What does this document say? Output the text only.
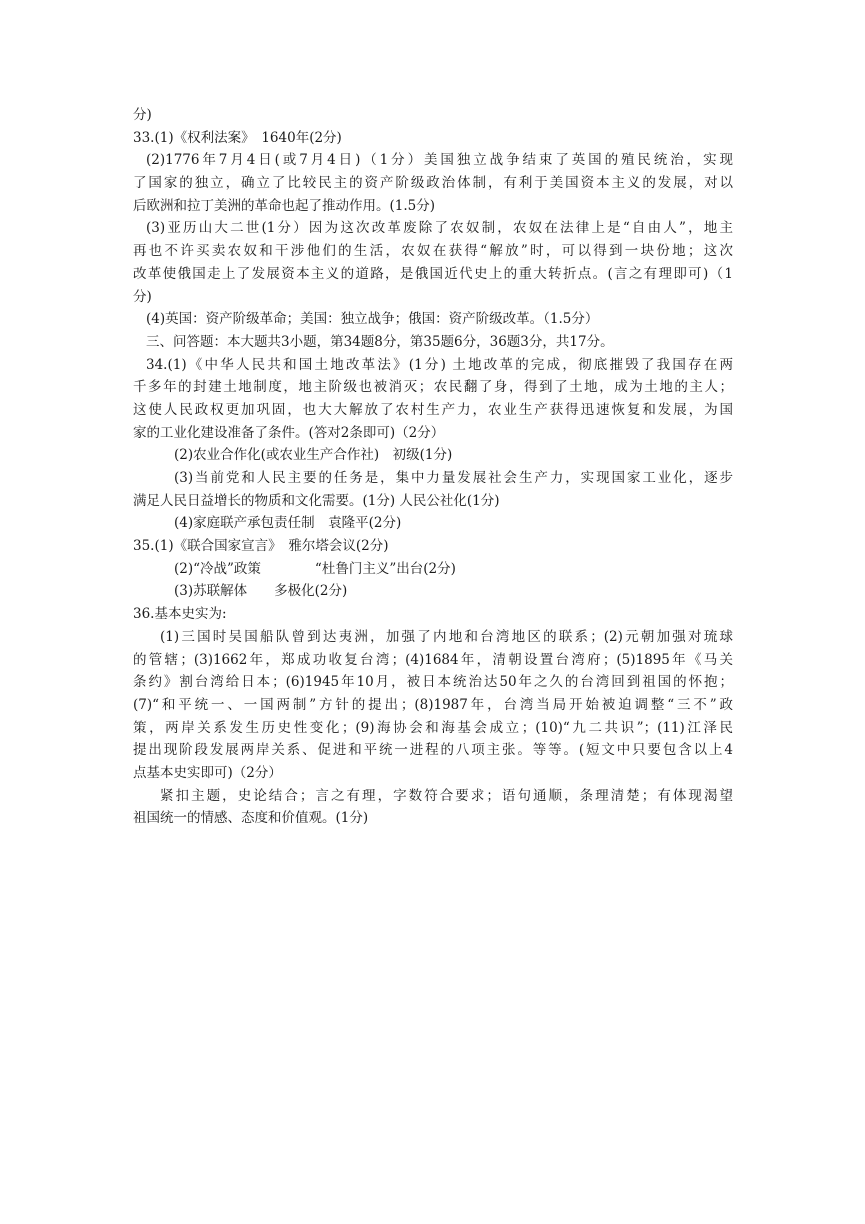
分)
33.(1)《权利法案》　1640年(2分)
(2)1776年7月4日(或7月4日)（1分）美国独立战争结束了英国的殖民统治，实现
了国家的独立，确立了比较民主的资产阶级政治体制，有利于美国资本主义的发展，对以
后欧洲和拉丁美洲的革命也起了推动作用。(1.5分)
(3)亚历山大二世(1分）因为这次改革废除了农奴制，农奴在法律上是“自由人”，地主
再也不许买卖农奴和干涉他们的生活，农奴在获得“解放”时，可以得到一块份地；这次
改革使俄国走上了发展资本主义的道路，是俄国近代史上的重大转折点。(言之有理即可)（1
分)
(4)英国：资产阶级革命；美国：独立战争；俄国：资产阶级改革。（1.5分）
三、问答题：本大题共3小题，第34题8分，第35题6分，36题3分，共17分。
34.(1)《中华人民共和国土地改革法》(1分) 土地改革的完成，彻底摧毁了我国存在两
千多年的封建土地制度，地主阶级也被消灭；农民翻了身，得到了土地，成为土地的主人；
这使人民政权更加巩固，也大大解放了农村生产力，农业生产获得迅速恢复和发展，为国
家的工业化建设准备了条件。(答对2条即可)（2分）
(2)农业合作化(或农业生产合作社)　初级(1分)
(3)当前党和人民主要的任务是，集中力量发展社会生产力，实现国家工业化，逐步
满足人民日益增长的物质和文化需要。(1分) 人民公社化(1分)
(4)家庭联产承包责任制　袁隆平(2分)
35.(1)《联合国家宣言》　雅尔塔会议(2分)
(2)“冷战”政策　　　　“杜鲁门主义”出台(2分)
(3)苏联解体　　多极化(2分)
36.基本史实为:
(1)三国时吴国船队曾到达夷洲，加强了内地和台湾地区的联系；(2)元朝加强对琉球
的管辖；(3)1662年，郑成功收复台湾；(4)1684年，清朝设置台湾府；(5)1895年《马关
条约》割台湾给日本；(6)1945年10月，被日本统治达50年之久的台湾回到祖国的怀抱；
(7)“和平统一、一国两制”方针的提出；(8)1987年，台湾当局开始被迫调整“三不”政
策，两岸关系发生历史性变化；(9)海协会和海基会成立；(10)“九二共识”；(11)江泽民
提出现阶段发展两岸关系、促进和平统一进程的八项主张。等等。(短文中只要包含以上4
点基本史实即可)（2分）
紧扣主题，史论结合；言之有理，字数符合要求；语句通顺，条理清楚；有体现渴望
祖国统一的情感、态度和价值观。(1分)
